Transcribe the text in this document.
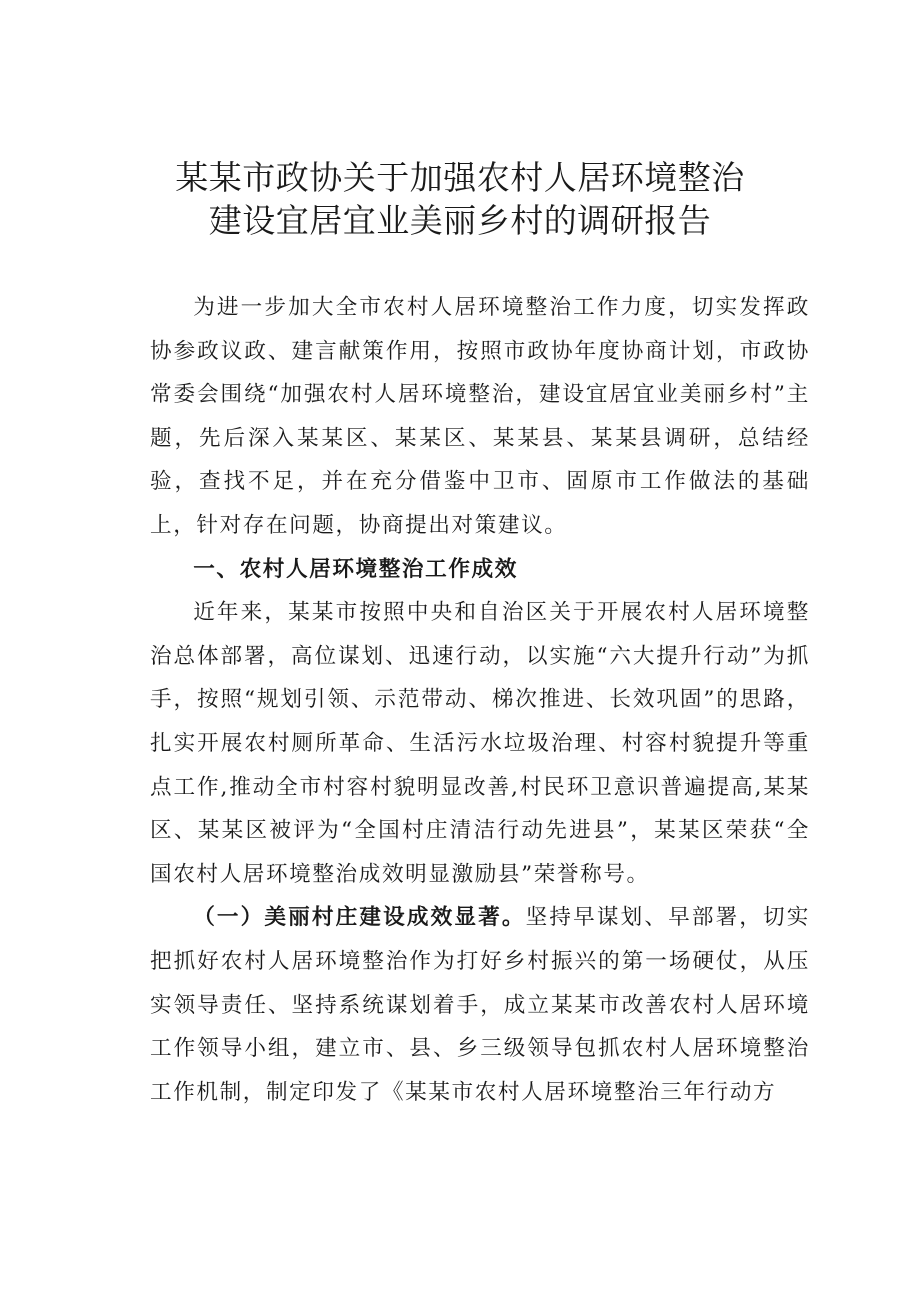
某某市政协关于加强农村人居环境整治
建设宜居宜业美丽乡村的调研报告

为进一步加大全市农村人居环境整治工作力度，切实发挥政协参政议政、建言献策作用，按照市政协年度协商计划，市政协常委会围绕“加强农村人居环境整治，建设宜居宜业美丽乡村”主题，先后深入某某区、某某区、某某县、某某县调研，总结经验，查找不足，并在充分借鉴中卫市、固原市工作做法的基础上，针对存在问题，协商提出对策建议。

一、农村人居环境整治工作成效

近年来，某某市按照中央和自治区关于开展农村人居环境整治总体部署，高位谋划、迅速行动，以实施“六大提升行动”为抓手，按照“规划引领、示范带动、梯次推进、长效巩固”的思路，扎实开展农村厕所革命、生活污水垃圾治理、村容村貌提升等重点工作,推动全市村容村貌明显改善,村民环卫意识普遍提高,某某区、某某区被评为“全国村庄清洁行动先进县”，某某区荣获“全国农村人居环境整治成效明显激励县”荣誉称号。

（一）美丽村庄建设成效显著。坚持早谋划、早部署，切实把抓好农村人居环境整治作为打好乡村振兴的第一场硬仗，从压实领导责任、坚持系统谋划着手，成立某某市改善农村人居环境工作领导小组，建立市、县、乡三级领导包抓农村人居环境整治工作机制，制定印发了《某某市农村人居环境整治三年行动方
